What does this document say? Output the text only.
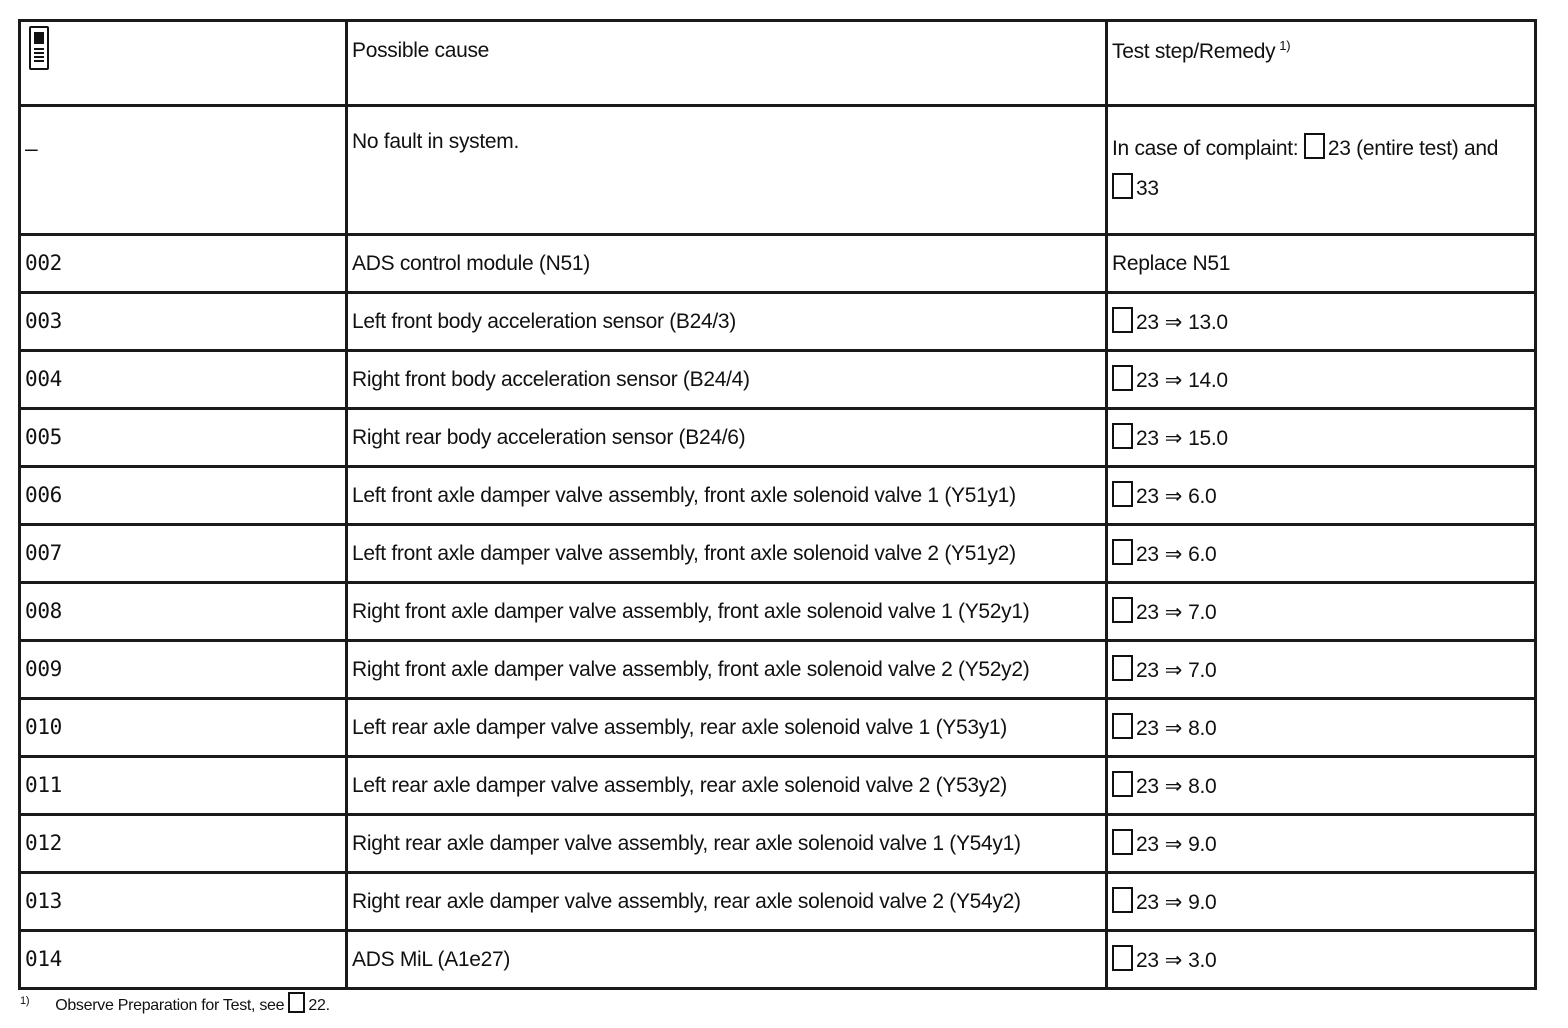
	Possible cause	Test step/Remedy $^{1)}$
–	No fault in system.	In case of complaint: 23 (entire test) and
33
002	ADS control module (N51)	Replace N51
003	Left front body acceleration sensor (B24/3)	23 ⇒ 13.0
004	Right front body acceleration sensor (B24/4)	23 ⇒ 14.0
005	Right rear body acceleration sensor (B24/6)	23 ⇒ 15.0
006	Left front axle damper valve assembly, front axle solenoid valve 1 (Y51y1)	23 ⇒ 6.0
007	Left front axle damper valve assembly, front axle solenoid valve 2 (Y51y2)	23 ⇒ 6.0
008	Right front axle damper valve assembly, front axle solenoid valve 1 (Y52y1)	23 ⇒ 7.0
009	Right front axle damper valve assembly, front axle solenoid valve 2 (Y52y2)	23 ⇒ 7.0
010	Left rear axle damper valve assembly, rear axle solenoid valve 1 (Y53y1)	23 ⇒ 8.0
011	Left rear axle damper valve assembly, rear axle solenoid valve 2 (Y53y2)	23 ⇒ 8.0
012	Right rear axle damper valve assembly, rear axle solenoid valve 1 (Y54y1)	23 ⇒ 9.0
013	Right rear axle damper valve assembly, rear axle solenoid valve 2 (Y54y2)	23 ⇒ 9.0
014	ADS MiL (A1e27)	23 ⇒ 3.0
$^{1)}$ Observe Preparation for Test, see 22.
